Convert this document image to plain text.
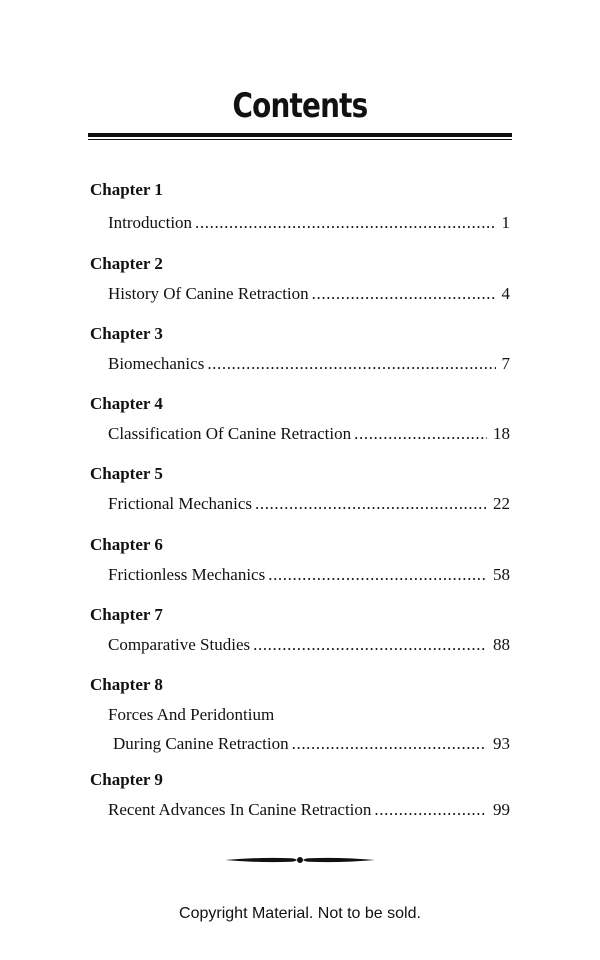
Contents
Chapter 1
Introduction .....	1
Chapter 2
History Of Canine Retraction .....	4
Chapter 3
Biomechanics .....	7
Chapter 4
Classification Of Canine Retraction .....	18
Chapter 5
Frictional Mechanics .....	22
Chapter 6
Frictionless Mechanics .....	58
Chapter 7
Comparative Studies .....	88
Chapter 8
Forces And Peridontium
During Canine Retraction .....	93
Chapter 9
Recent Advances In Canine Retraction .....	99
Copyright Material. Not to be sold.
